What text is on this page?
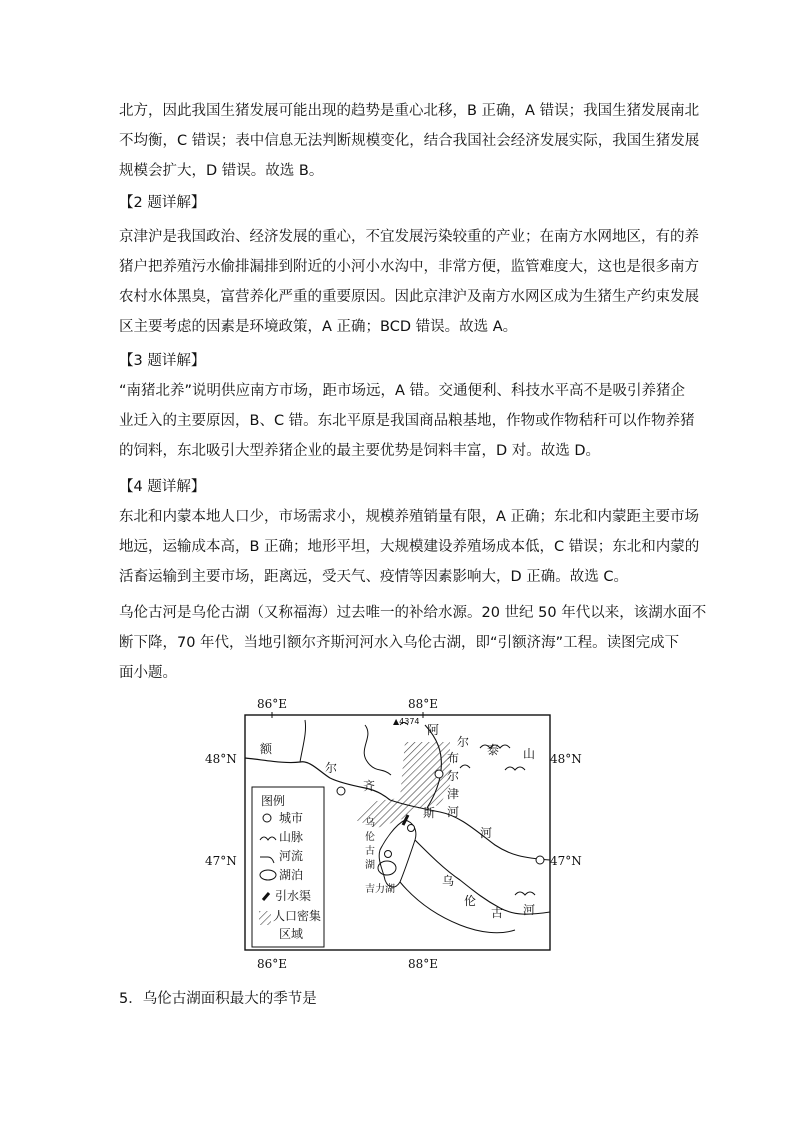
北方，因此我国生猪发展可能出现的趋势是重心北移，B 正确，A 错误；我国生猪发展南北
不均衡，C 错误；表中信息无法判断规模变化，结合我国社会经济发展实际，我国生猪发展
规模会扩大，D 错误。故选 B。

【2 题详解】

京津沪是我国政治、经济发展的重心，不宜发展污染较重的产业；在南方水网地区，有的养
猪户把养殖污水偷排漏排到附近的小河小水沟中，非常方便，监管难度大，这也是很多南方
农村水体黑臭，富营养化严重的重要原因。因此京津沪及南方水网区成为生猪生产约束发展
区主要考虑的因素是环境政策，A 正确；BCD 错误。故选 A。

【3 题详解】

“南猪北养”说明供应南方市场，距市场远，A 错。交通便利、科技水平高不是吸引养猪企
业迁入的主要原因，B、C 错。东北平原是我国商品粮基地，作物或作物秸秆可以作物养猪
的饲料，东北吸引大型养猪企业的最主要优势是饲料丰富，D 对。故选 D。

【4 题详解】

东北和内蒙本地人口少，市场需求小，规模养殖销量有限，A 正确；东北和内蒙距主要市场
地远，运输成本高，B 正确；地形平坦，大规模建设养殖场成本低，C 错误；东北和内蒙的
活畜运输到主要市场，距离远，受天气、疫情等因素影响大，D 正确。故选 C。

乌伦古河是乌伦古湖（又称福海）过去唯一的补给水源。20 世纪 50 年代以来，该湖水面不
断下降，70 年代，当地引额尔齐斯河河水入乌伦古湖，即“引额济海”工程。读图完成下
面小题。

86°E	88°E
86°E	88°E
48°N
47°N
48°N
47°N
▲4374
额
尔
齐
斯
河
阿
尔
泰 山
布
尔
津
河
乌
伦
古
湖
吉力湖
乌
伦
古 河
图例
城市
山脉
河流
湖泊
引水渠
人口密集
区域

5．乌伦古湖面积最大的季节是
